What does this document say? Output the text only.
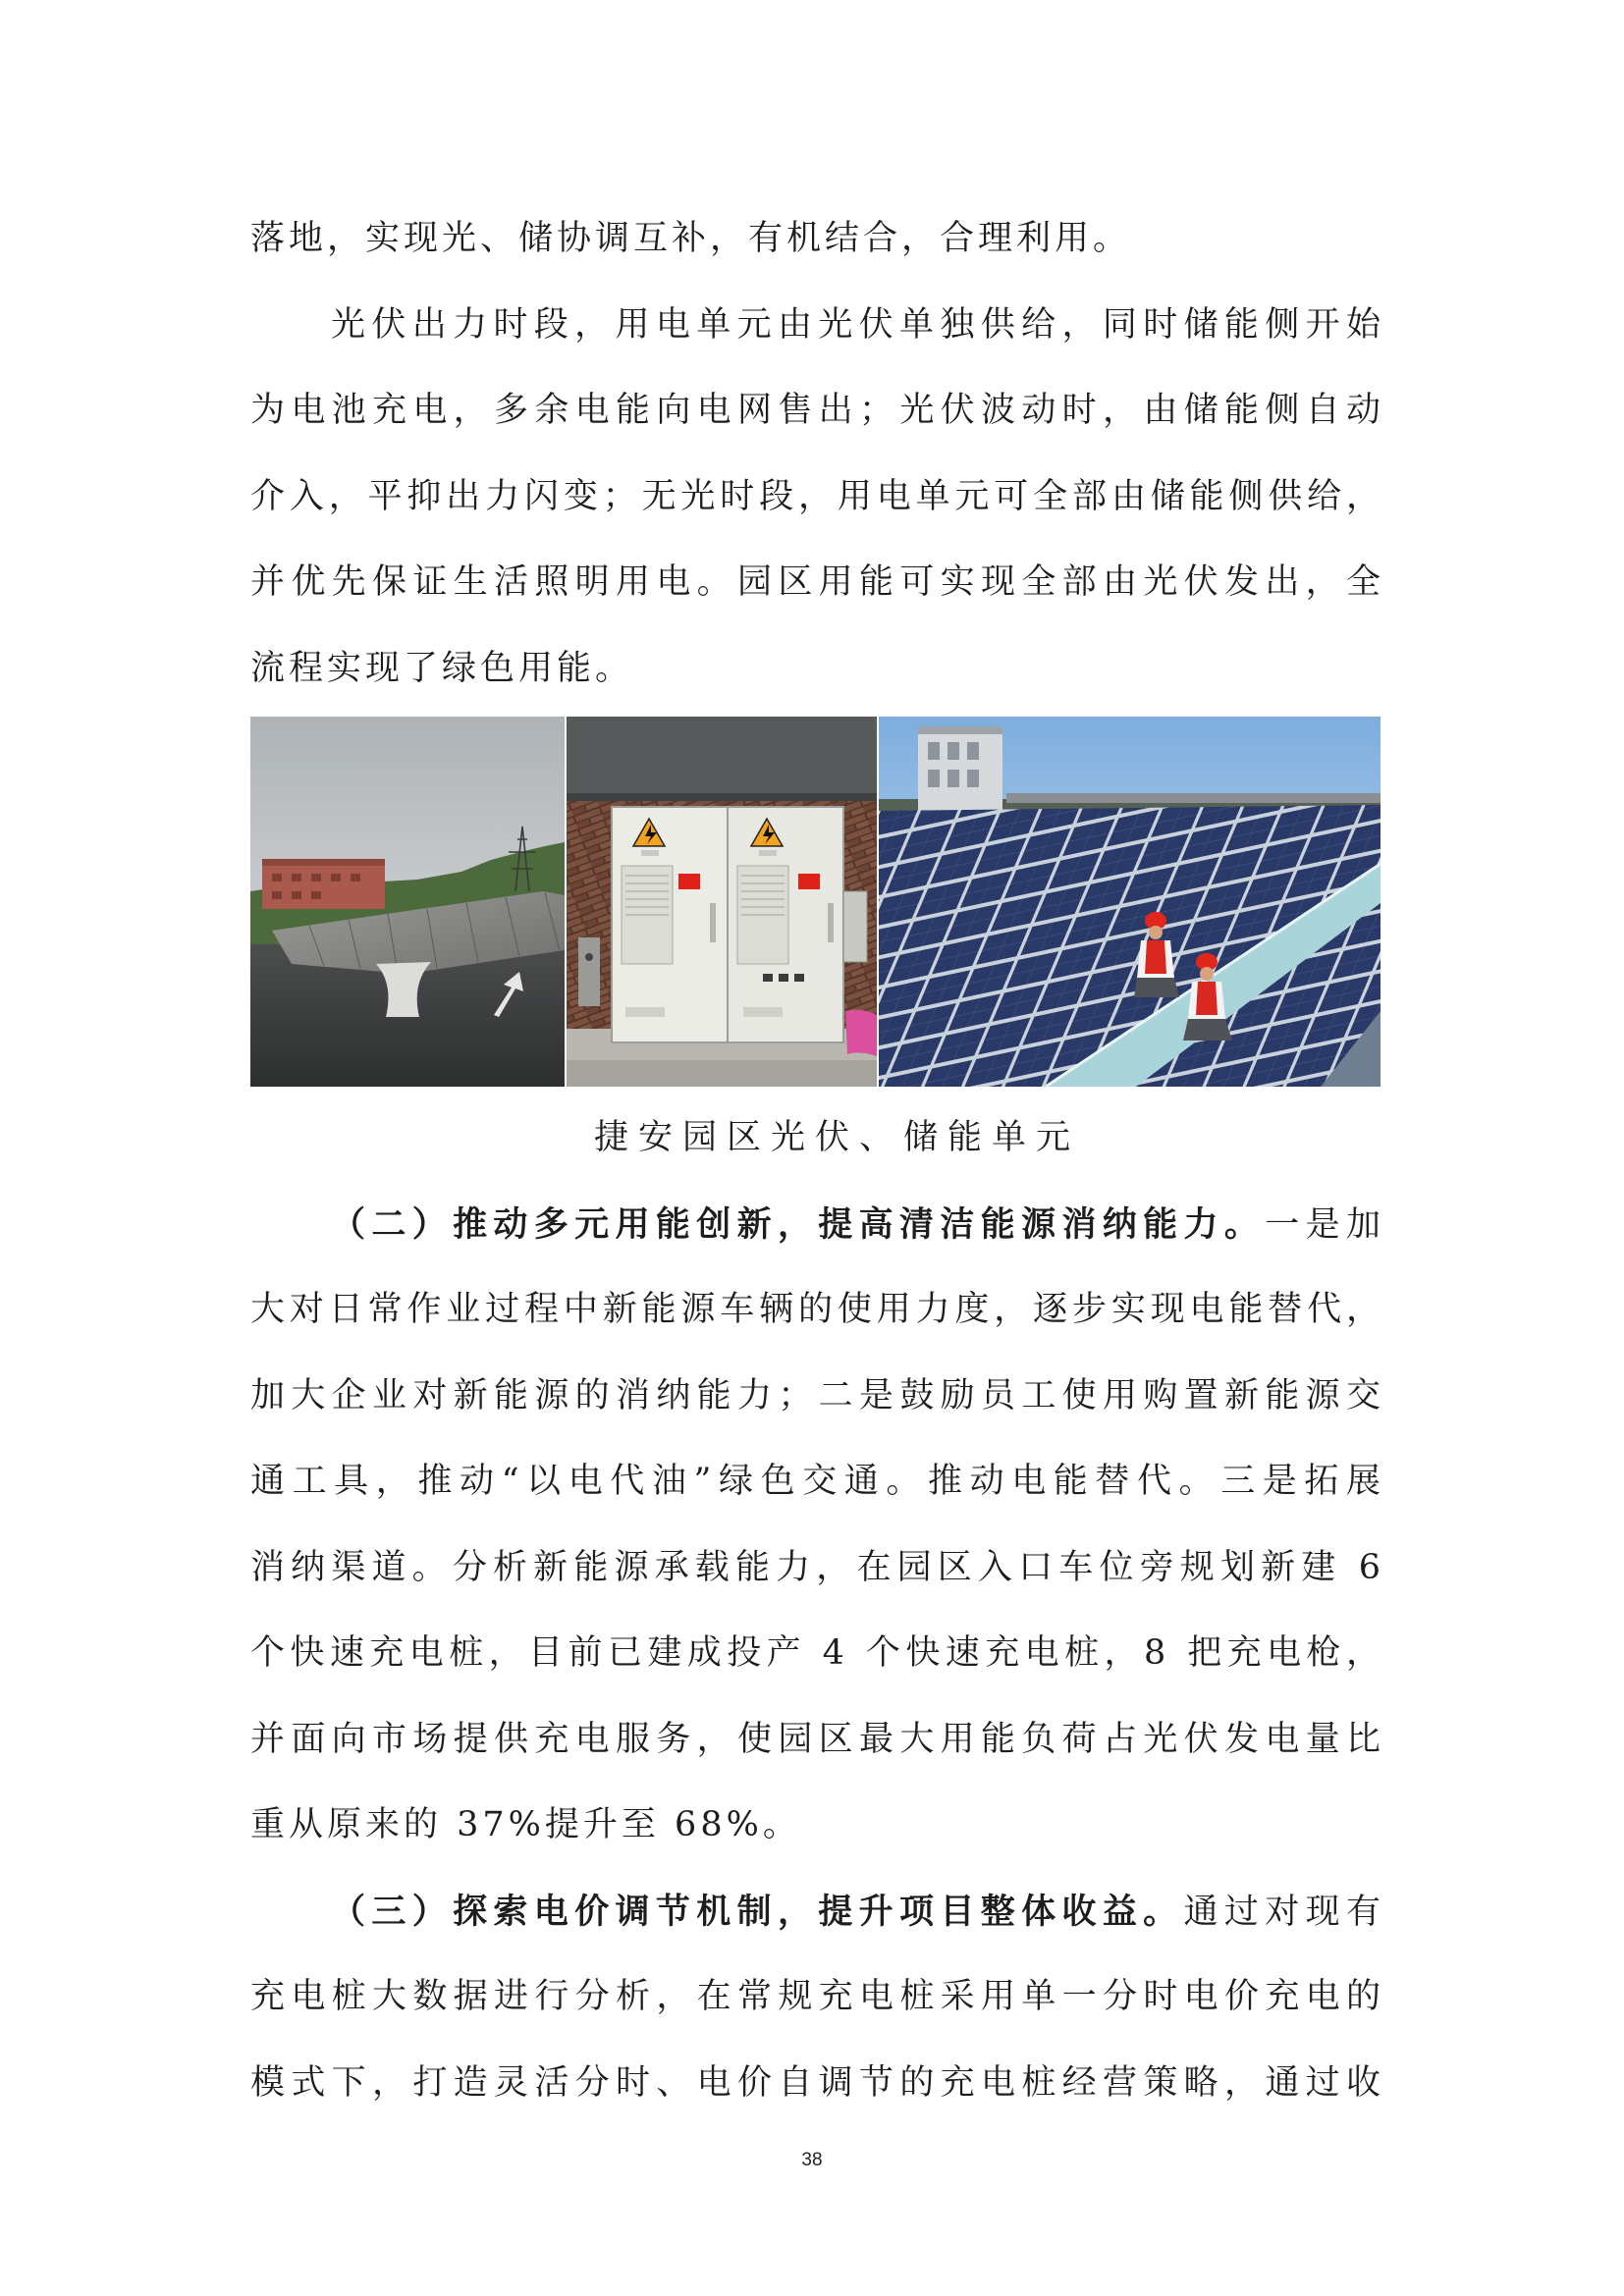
落地，实现光、储协调互补，有机结合，合理利用。
光伏出力时段，用电单元由光伏单独供给，同时储能侧开始
为电池充电，多余电能向电网售出；光伏波动时，由储能侧自动
介入，平抑出力闪变；无光时段，用电单元可全部由储能侧供给，
并优先保证生活照明用电。园区用能可实现全部由光伏发出，全
流程实现了绿色用能。
捷安园区光伏、储能单元
（二）推动多元用能创新，提高清洁能源消纳能力。一是加
大对日常作业过程中新能源车辆的使用力度，逐步实现电能替代，
加大企业对新能源的消纳能力；二是鼓励员工使用购置新能源交
通工具，推动“以电代油”绿色交通。推动电能替代。三是拓展
消纳渠道。分析新能源承载能力，在园区入口车位旁规划新建 6
个快速充电桩，目前已建成投产 4 个快速充电桩，8 把充电枪，
并面向市场提供充电服务，使园区最大用能负荷占光伏发电量比
重从原来的 37%提升至 68%。
（三）探索电价调节机制，提升项目整体收益。通过对现有
充电桩大数据进行分析，在常规充电桩采用单一分时电价充电的
模式下，打造灵活分时、电价自调节的充电桩经营策略，通过收
38
